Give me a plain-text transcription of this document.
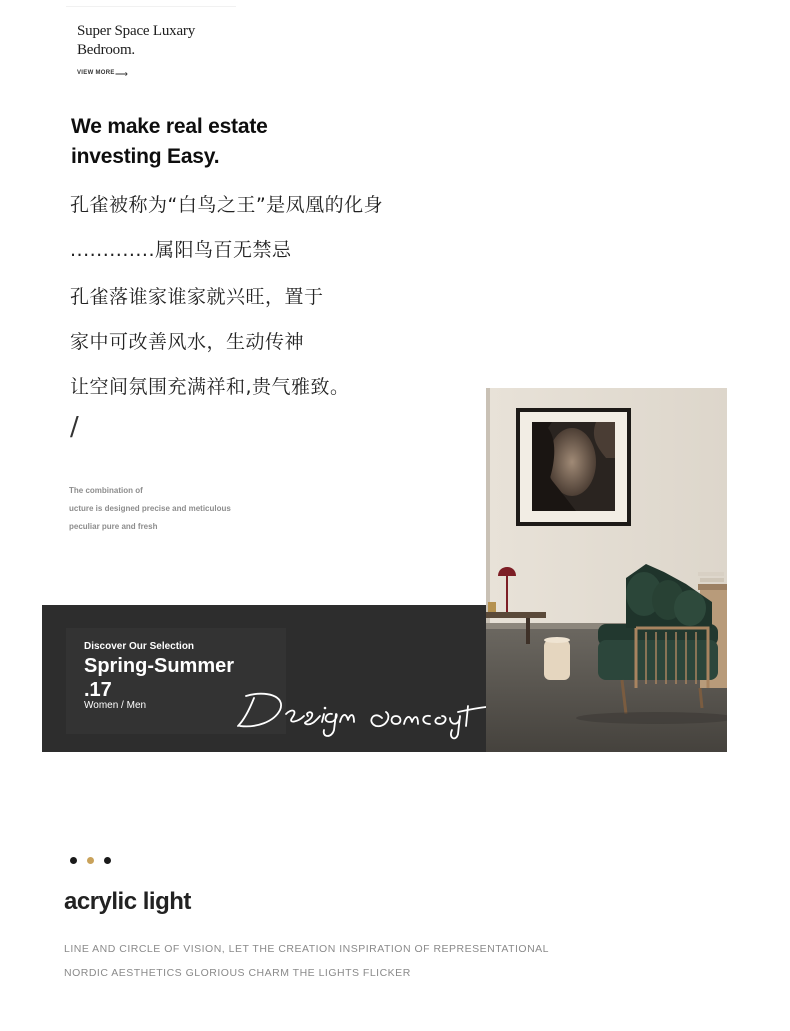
Super Space Luxary
Bedroom.
VIEW MORE ⟶
We make real estate
investing Easy.
孔雀被称为“白鸟之王”是凤凰的化身
.............属阳鸟百无禁忌
孔雀落谁家谁家就兴旺，置于
家中可改善风水，生动传神
让空间氛围充满祥和,贵气雅致。
/
The combination of
ucture is designed precise and meticulous
peculiar pure and fresh
Discover Our Selection
Spring-Summer
.17
Women / Men
acrylic light
LINE AND CIRCLE OF VISION, LET THE CREATION INSPIRATION OF REPRESENTATIONAL
NORDIC AESTHETICS GLORIOUS CHARM THE LIGHTS FLICKER
